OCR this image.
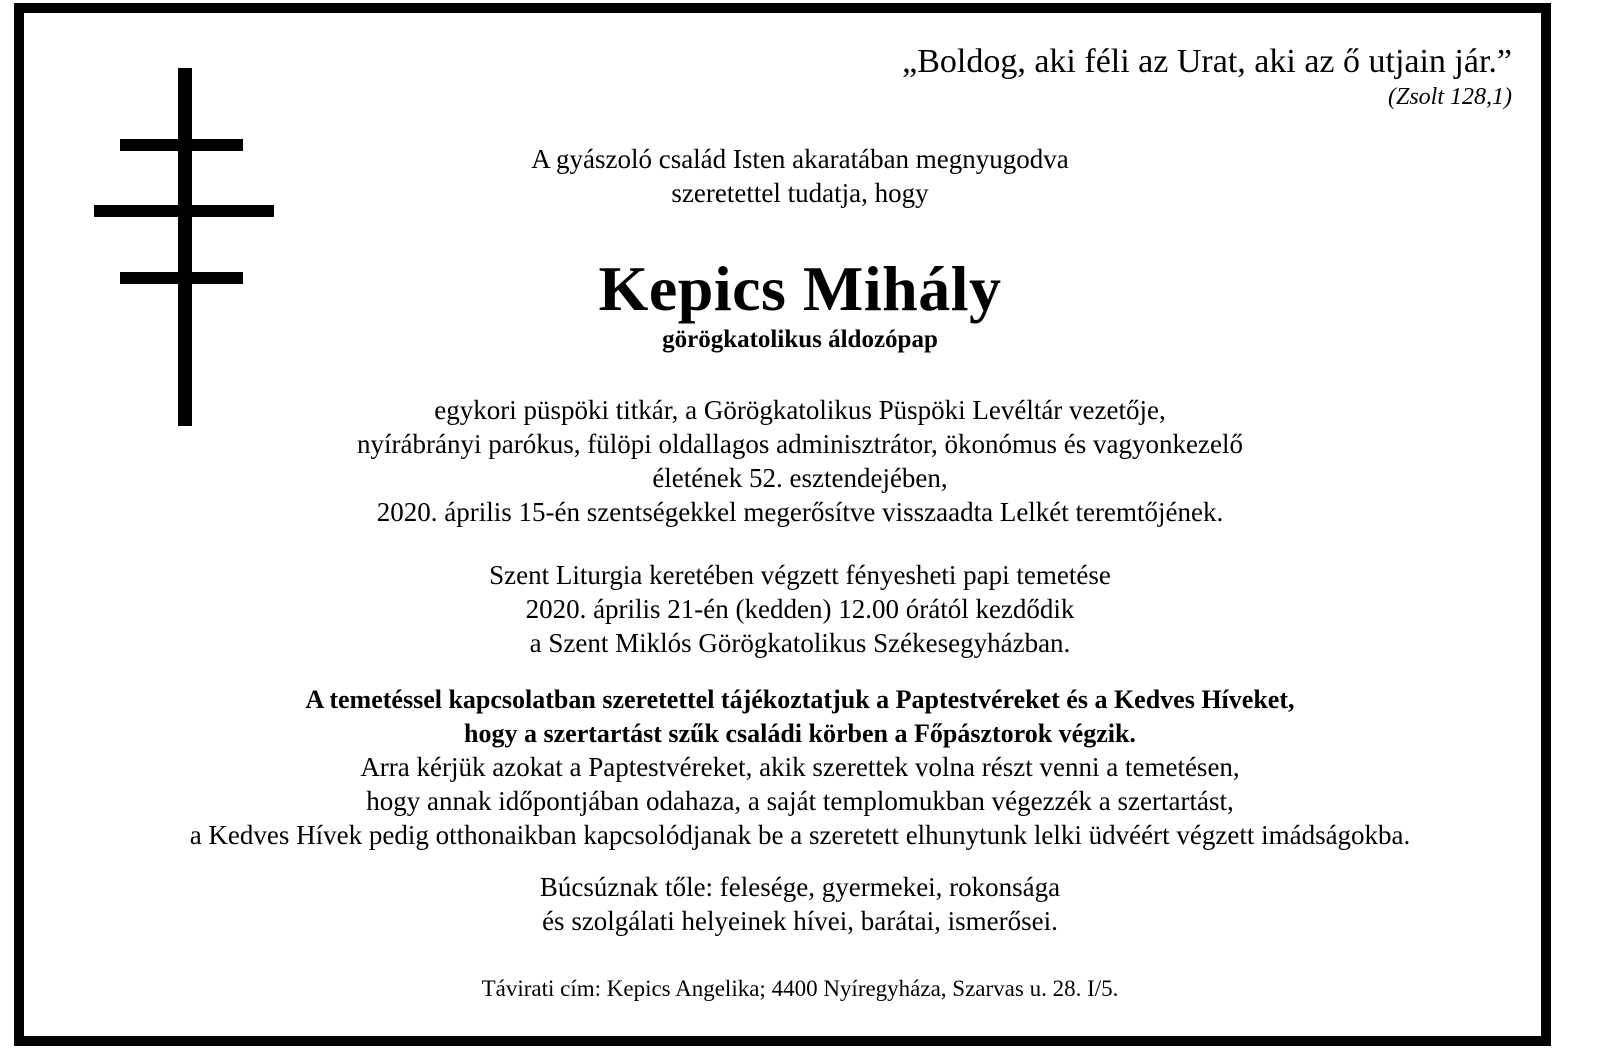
„Boldog, aki féli az Urat, aki az ő utjain jár.”
(Zsolt 128,1)
A gyászoló család Isten akaratában megnyugodva
szeretettel tudatja, hogy
Kepics Mihály
görögkatolikus áldozópap
egykori püspöki titkár, a Görögkatolikus Püspöki Levéltár vezetője,
nyírábrányi parókus, fülöpi oldallagos adminisztrátor, ökonómus és vagyonkezelő
életének 52. esztendejében,
2020. április 15-én szentségekkel megerősítve visszaadta Lelkét teremtőjének.
Szent Liturgia keretében végzett fényesheti papi temetése
2020. április 21-én (kedden) 12.00 órától kezdődik
a Szent Miklós Görögkatolikus Székesegyházban.
A temetéssel kapcsolatban szeretettel tájékoztatjuk a Paptestvéreket és a Kedves Híveket,
hogy a szertartást szűk családi körben a Főpásztorok végzik.
Arra kérjük azokat a Paptestvéreket, akik szerettek volna részt venni a temetésen,
hogy annak időpontjában odahaza, a saját templomukban végezzék a szertartást,
a Kedves Hívek pedig otthonaikban kapcsolódjanak be a szeretett elhunytunk lelki üdvéért végzett imádságokba.
Búcsúznak tőle: felesége, gyermekei, rokonsága
és szolgálati helyeinek hívei, barátai, ismerősei.
Távirati cím: Kepics Angelika; 4400 Nyíregyháza, Szarvas u. 28. I/5.
